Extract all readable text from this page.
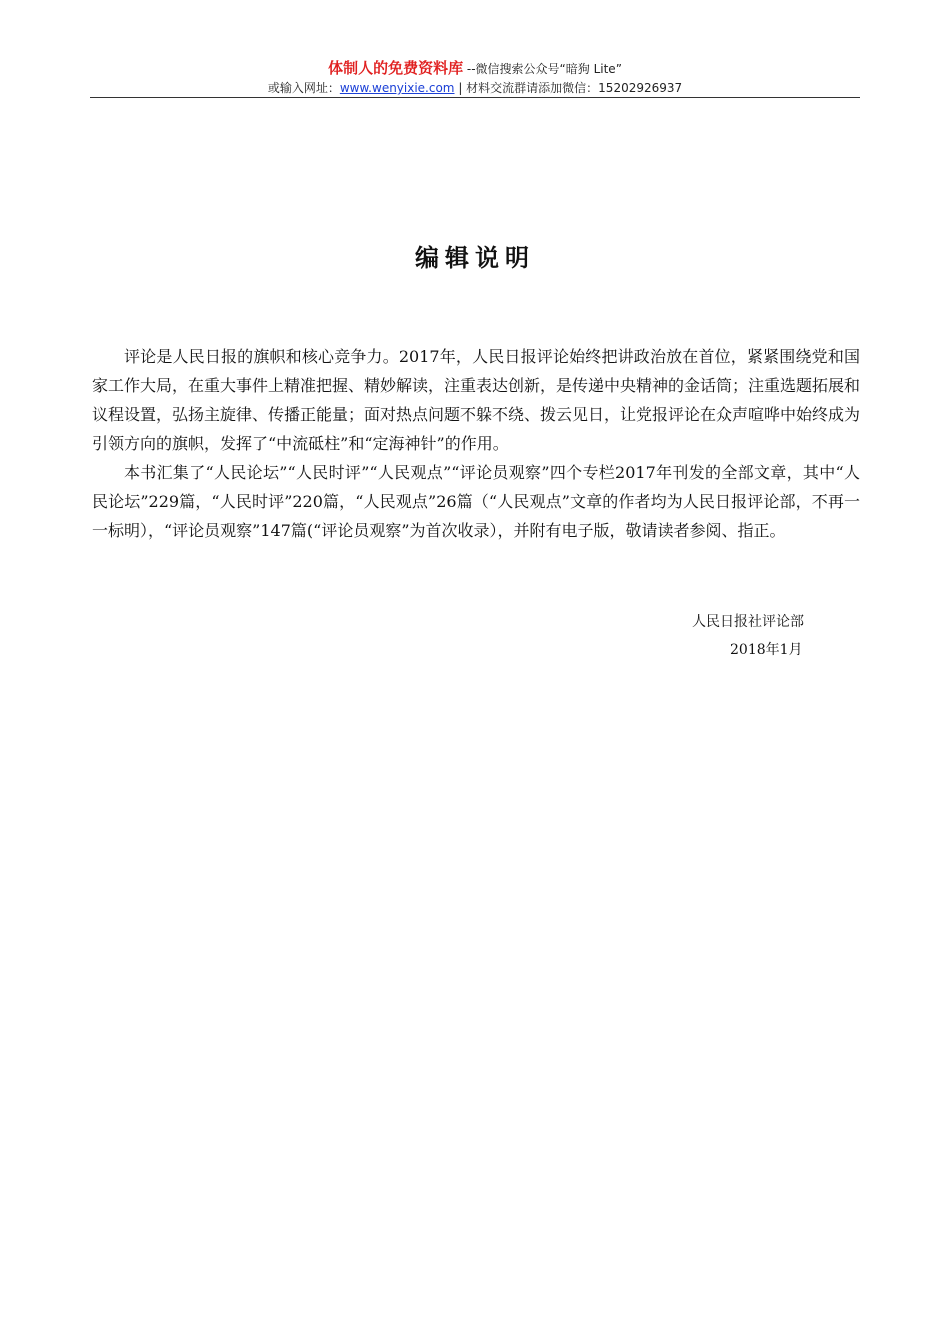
体制人的免费资料库 --微信搜索公众号“暗狗 Lite”
或输入网址：www.wenyixie.com | 材料交流群请添加微信：15202926937
编辑说明

评论是人民日报的旗帜和核心竞争力。2017年，人民日报评论始终把讲政治放在首位，紧紧围绕党和国家工作大局，在重大事件上精准把握、精妙解读，注重表达创新，是传递中央精神的金话筒；注重选题拓展和议程设置，弘扬主旋律、传播正能量；面对热点问题不躲不绕、拨云见日，让党报评论在众声喧哗中始终成为引领方向的旗帜，发挥了“中流砥柱”和“定海神针”的作用。

本书汇集了“人民论坛”“人民时评”“人民观点”“评论员观察”四个专栏2017年刊发的全部文章，其中“人民论坛”229篇，“人民时评”220篇，“人民观点”26篇（“人民观点”文章的作者均为人民日报评论部，不再一一标明），“评论员观察”147篇(“评论员观察”为首次收录），并附有电子版，敬请读者参阅、指正。

人民日报社评论部
2018年1月
